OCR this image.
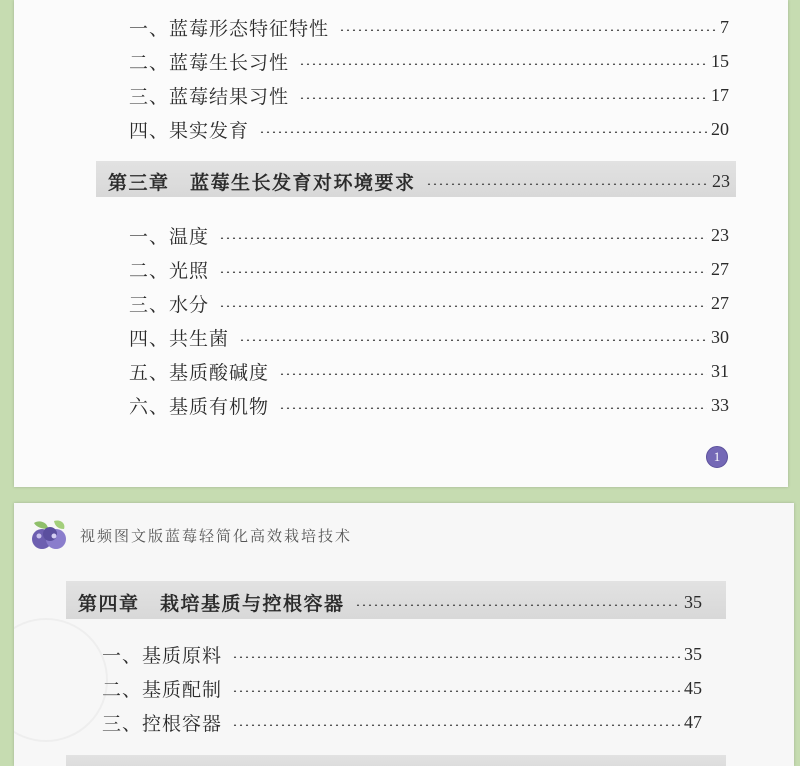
一、蓝莓形态特征特性	7
二、蓝莓生长习性	15
三、蓝莓结果习性	17
四、果实发育	20
第三章　蓝莓生长发育对环境要求	23
一、温度	23
二、光照	27
三、水分	27
四、共生菌	30
五、基质酸碱度	31
六、基质有机物	33
1
视频图文版蓝莓轻简化高效栽培技术
第四章　栽培基质与控根容器	35
一、基质原料	35
二、基质配制	45
三、控根容器	47
